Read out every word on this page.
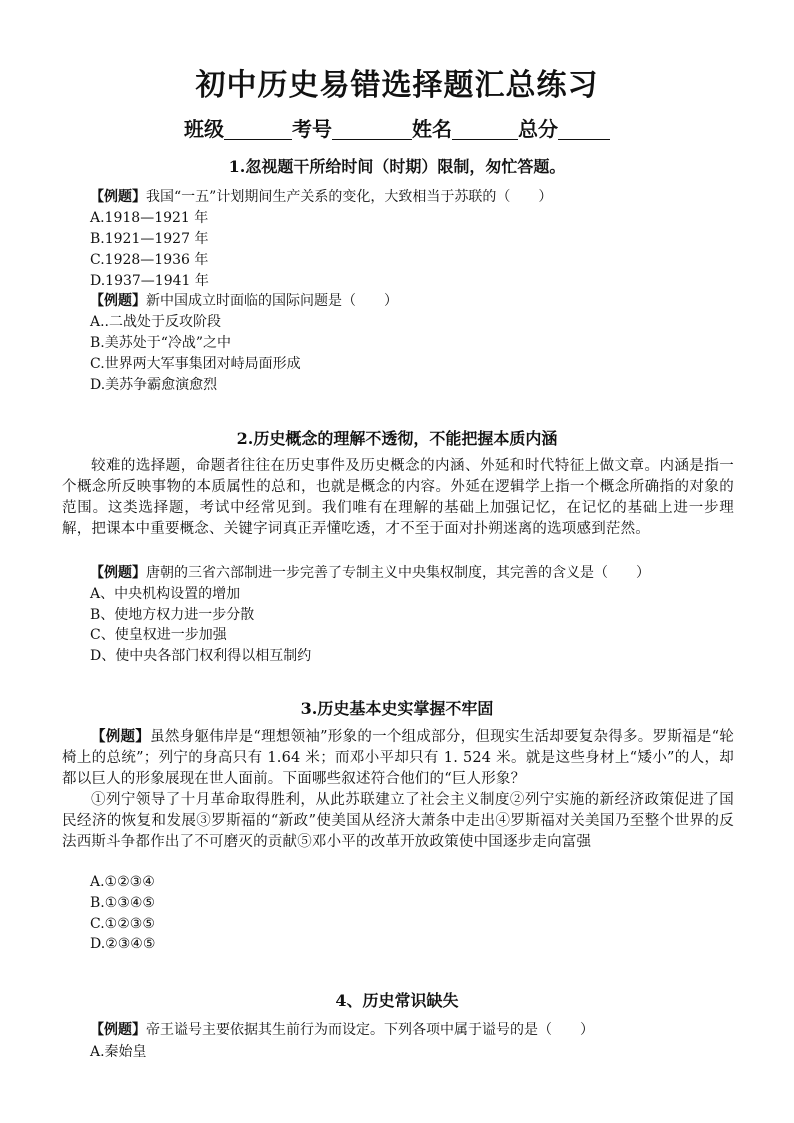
初中历史易错选择题汇总练习
班级	考号	姓名	总分
1.忽视题干所给时间（时期）限制，匆忙答题。
【例题】我国“一五”计划期间生产关系的变化，大致相当于苏联的（　　）
A.1918—1921 年
B.1921—1927 年
C.1928—1936 年
D.1937—1941 年
【例题】新中国成立时面临的国际问题是（　　）
A..二战处于反攻阶段
B.美苏处于“冷战”之中
C.世界两大军事集团对峙局面形成
D.美苏争霸愈演愈烈
2.历史概念的理解不透彻，不能把握本质内涵
较难的选择题，命题者往往在历史事件及历史概念的内涵、外延和时代特征上做文章。内涵是指一个概念所反映事物的本质属性的总和，也就是概念的内容。外延在逻辑学上指一个概念所确指的对象的范围。这类选择题，考试中经常见到。我们唯有在理解的基础上加强记忆，在记忆的基础上进一步理解，把课本中重要概念、关键字词真正弄懂吃透，才不至于面对扑朔迷离的选项感到茫然。
【例题】唐朝的三省六部制进一步完善了专制主义中央集权制度，其完善的含义是（　　）
A、中央机构设置的增加
B、使地方权力进一步分散
C、使皇权进一步加强
D、使中央各部门权利得以相互制约
3.历史基本史实掌握不牢固
【例题】虽然身躯伟岸是“理想领袖”形象的一个组成部分，但现实生活却要复杂得多。罗斯福是“轮椅上的总统”；列宁的身高只有 1.64 米；而邓小平却只有 1. 524 米。就是这些身材上“矮小”的人，却都以巨人的形象展现在世人面前。下面哪些叙述符合他们的“巨人形象？
①列宁领导了十月革命取得胜利，从此苏联建立了社会主义制度②列宁实施的新经济政策促进了国民经济的恢复和发展③罗斯福的“新政”使美国从经济大萧条中走出④罗斯福对关美国乃至整个世界的反法西斯斗争都作出了不可磨灭的贡献⑤邓小平的改革开放政策使中国逐步走向富强
A.①②③④
B.①③④⑤
C.①②③⑤
D.②③④⑤
4、历史常识缺失
【例题】帝王谥号主要依据其生前行为而设定。下列各项中属于谥号的是（　　）
A.秦始皇
